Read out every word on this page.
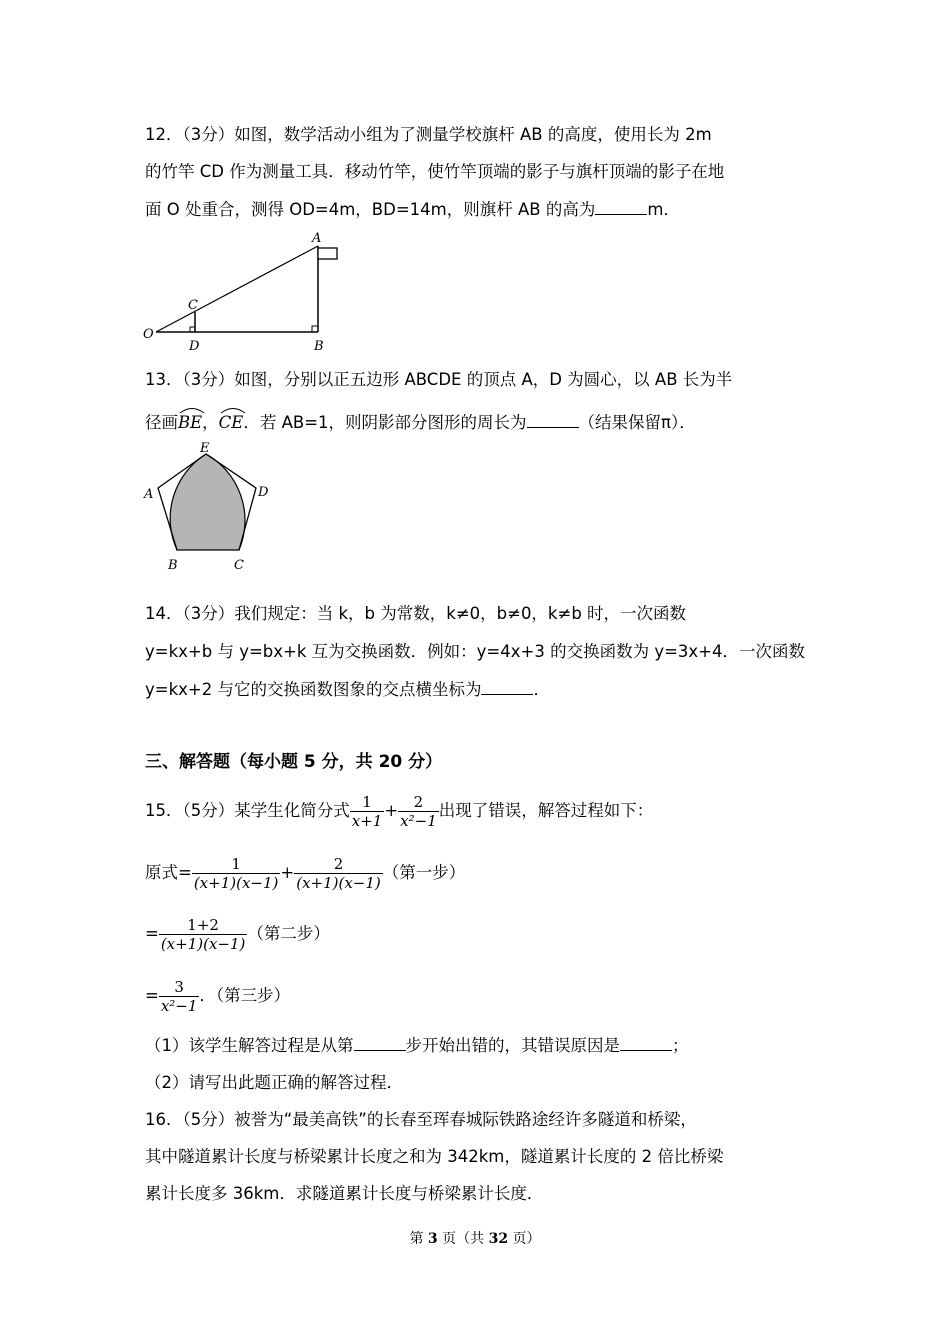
12．（3分）如图，数学活动小组为了测量学校旗杆 AB 的高度，使用长为 2m
的竹竿 CD 作为测量工具．移动竹竿，使竹竿顶端的影子与旗杆顶端的影子在地
面 O 处重合，测得 OD=4m，BD=14m，则旗杆 AB 的高为	m．
A
C
O
D	B
13．（3分）如图，分别以正五边形 ABCDE 的顶点 A，D 为圆心，以 AB 长为半
径画
BE，
CE．若 AB=1，则阴影部分图形的周长为	（结果保留π）．
E
A	D
B	C
14．（3分）我们规定：当 k，b 为常数，k≠0，b≠0，k≠b 时，一次函数
y=kx+b 与 y=bx+k 互为交换函数．例如：y=4x+3 的交换函数为 y=3x+4．一次函数
y=kx+2 与它的交换函数图象的交点横坐标为	．
三、解答题（每小题 5 分，共 20 分）
15．（5分）某学生化简分式 $\frac{1}{x+1} + \frac{2}{\text{x²−1}}$ 出现了错误，解答过程如下：
原式= $\frac{1}{(x+1)(x-1)} + \frac{2}{(x+1)(x-1)}$ （第一步）
= $\frac{1+2}{(x+1)(x-1)}$ （第二步）
= $\frac{3}{\text{x²−1}}$ ．（第三步）
（1）该学生解答过程是从第	步开始出错的，其错误原因是	；
（2）请写出此题正确的解答过程．
16．（5分）被誉为“最美高铁”的长春至珲春城际铁路途经许多隧道和桥梁，
其中隧道累计长度与桥梁累计长度之和为 342km，隧道累计长度的 2 倍比桥梁
累计长度多 36km．求隧道累计长度与桥梁累计长度．
第 3 页（共 32 页）
